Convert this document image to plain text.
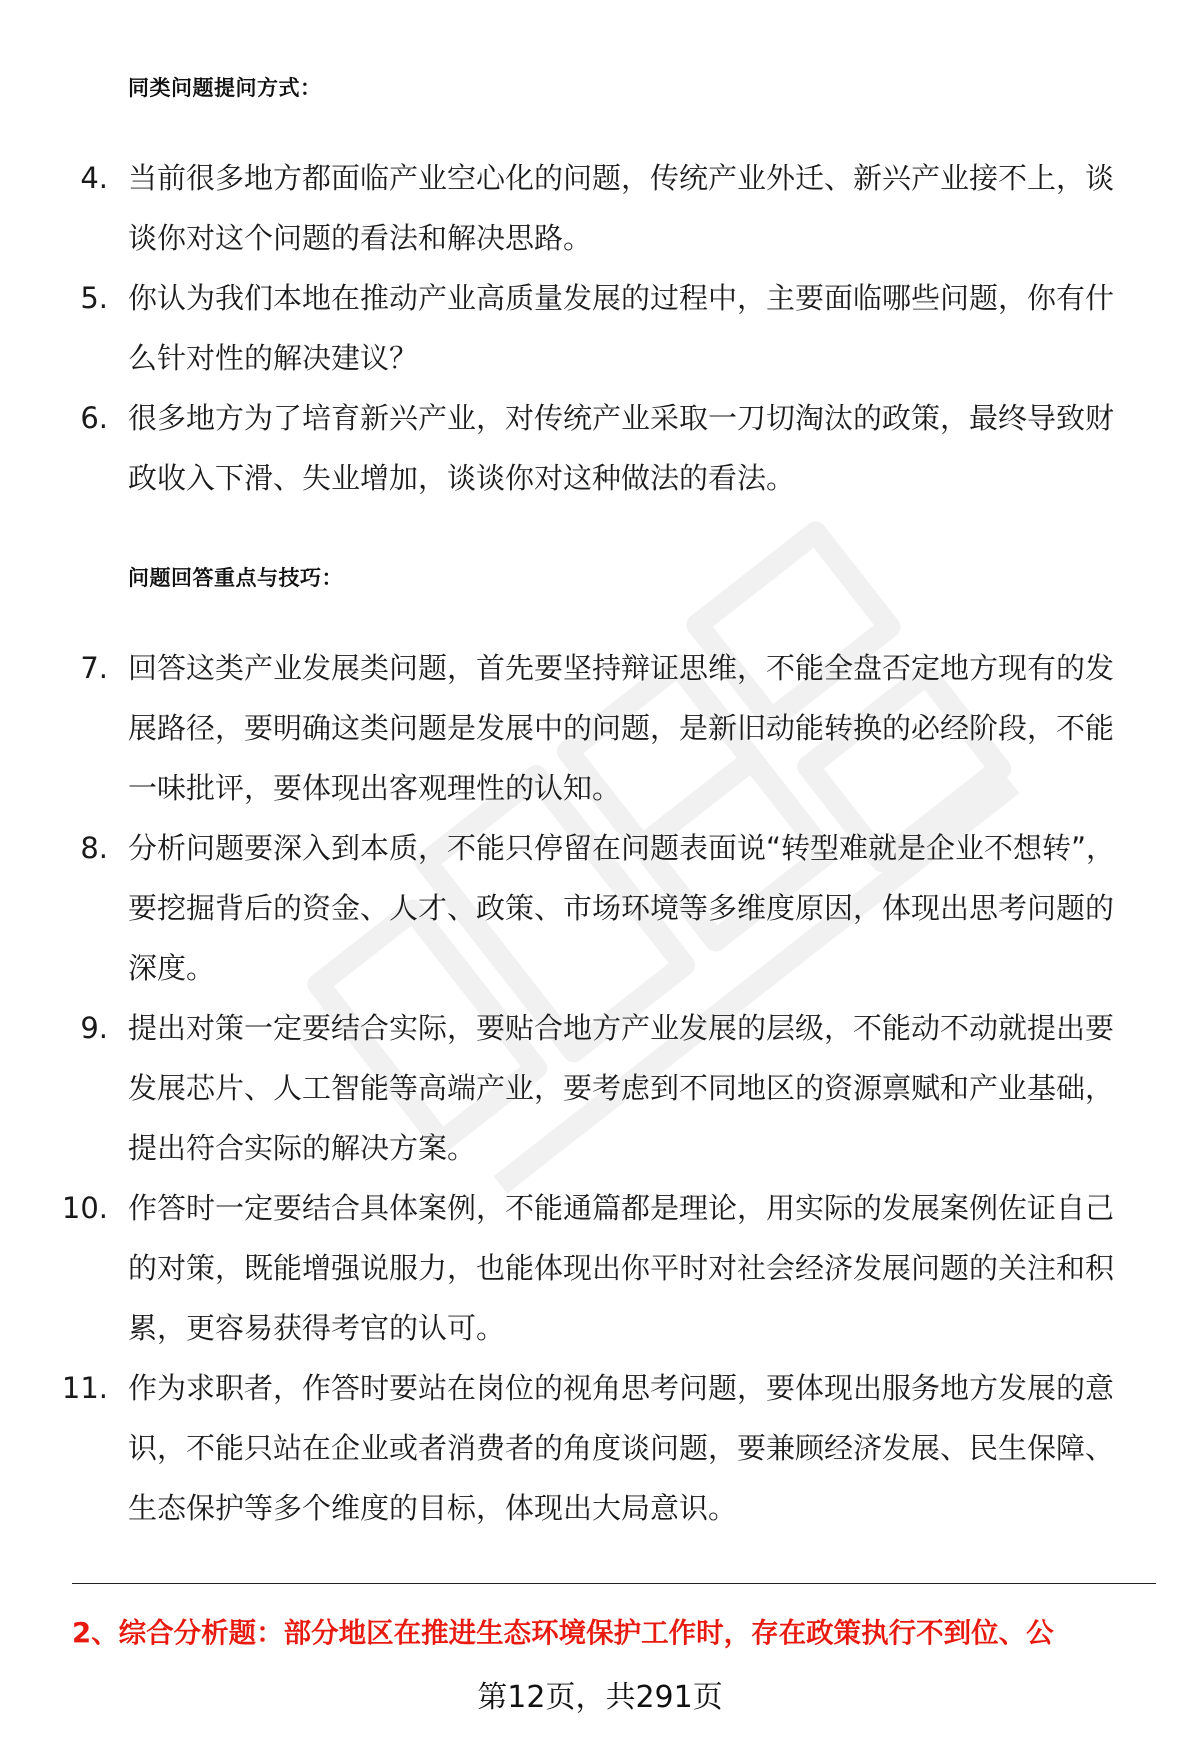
同类问题提问方式：
4. 当前很多地方都面临产业空心化的问题，传统产业外迁、新兴产业接不上，谈谈你对这个问题的看法和解决思路。
5. 你认为我们本地在推动产业高质量发展的过程中，主要面临哪些问题，你有什么针对性的解决建议？
6. 很多地方为了培育新兴产业，对传统产业采取一刀切淘汰的政策，最终导致财政收入下滑、失业增加，谈谈你对这种做法的看法。
问题回答重点与技巧：
7. 回答这类产业发展类问题，首先要坚持辩证思维，不能全盘否定地方现有的发展路径，要明确这类问题是发展中的问题，是新旧动能转换的必经阶段，不能一味批评，要体现出客观理性的认知。
8. 分析问题要深入到本质，不能只停留在问题表面说“转型难就是企业不想转”，要挖掘背后的资金、人才、政策、市场环境等多维度原因，体现出思考问题的深度。
9. 提出对策一定要结合实际，要贴合地方产业发展的层级，不能动不动就提出要发展芯片、人工智能等高端产业，要考虑到不同地区的资源禀赋和产业基础，提出符合实际的解决方案。
10. 作答时一定要结合具体案例，不能通篇都是理论，用实际的发展案例佐证自己的对策，既能增强说服力，也能体现出你平时对社会经济发展问题的关注和积累，更容易获得考官的认可。
11. 作为求职者，作答时要站在岗位的视角思考问题，要体现出服务地方发展的意识，不能只站在企业或者消费者的角度谈问题，要兼顾经济发展、民生保障、生态保护等多个维度的目标，体现出大局意识。
2、综合分析题：部分地区在推进生态环境保护工作时，存在政策执行不到位、公
第12页，共291页
